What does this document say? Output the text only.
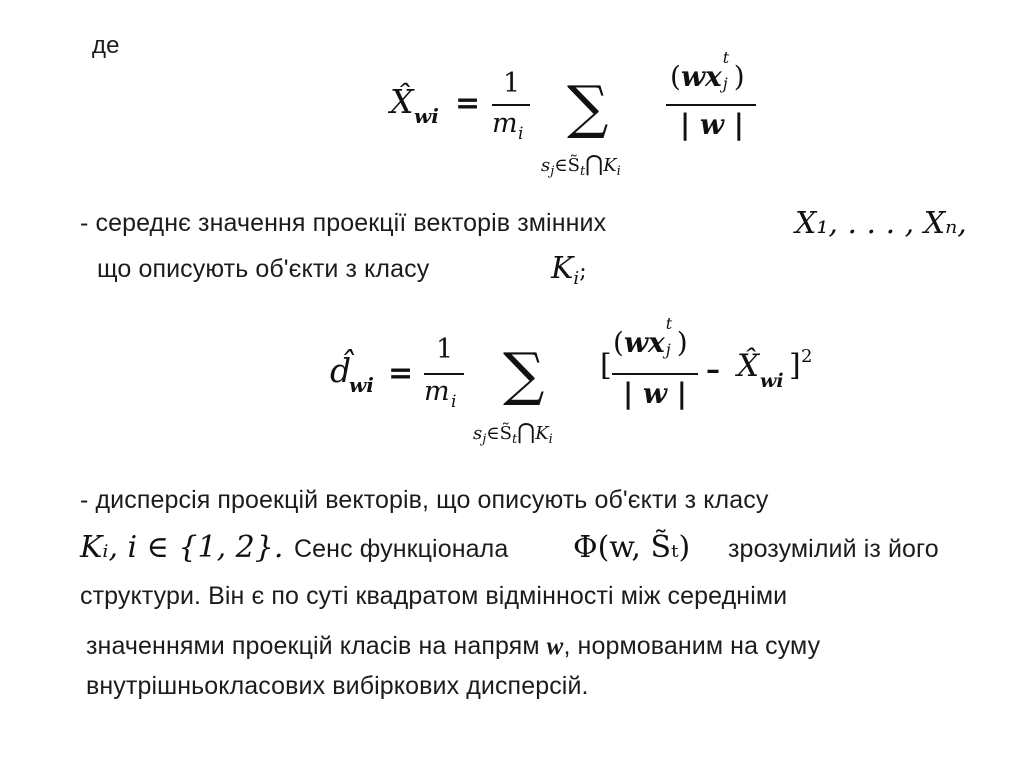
де
X̂ wi =
1
m i ∑
$s_j\in S̃_t⋂K_i$
(wx
t
j )
| w |
- середнє значення проекції векторів змінних	X₁, . . . , Xₙ,
що описують об'єкти з класу	$K_i$;
d̂
wi =
1
m i ∑
$s_j\in S̃_t⋂K_i$
[
(wx
t
j )
| w |
– X̂ wi ] 2
- дисперсія проекцій векторів, що описують об'єкти з класу
Kᵢ, i ∈ {1, 2}. Сенс функціонала Φ(w, S̃ₜ) зрозумілий із його
структури. Він є по суті квадратом відмінності між середніми
значеннями проекцій класів на напрям w, нормованим на суму
внутрішньокласових вибіркових дисперсій.
